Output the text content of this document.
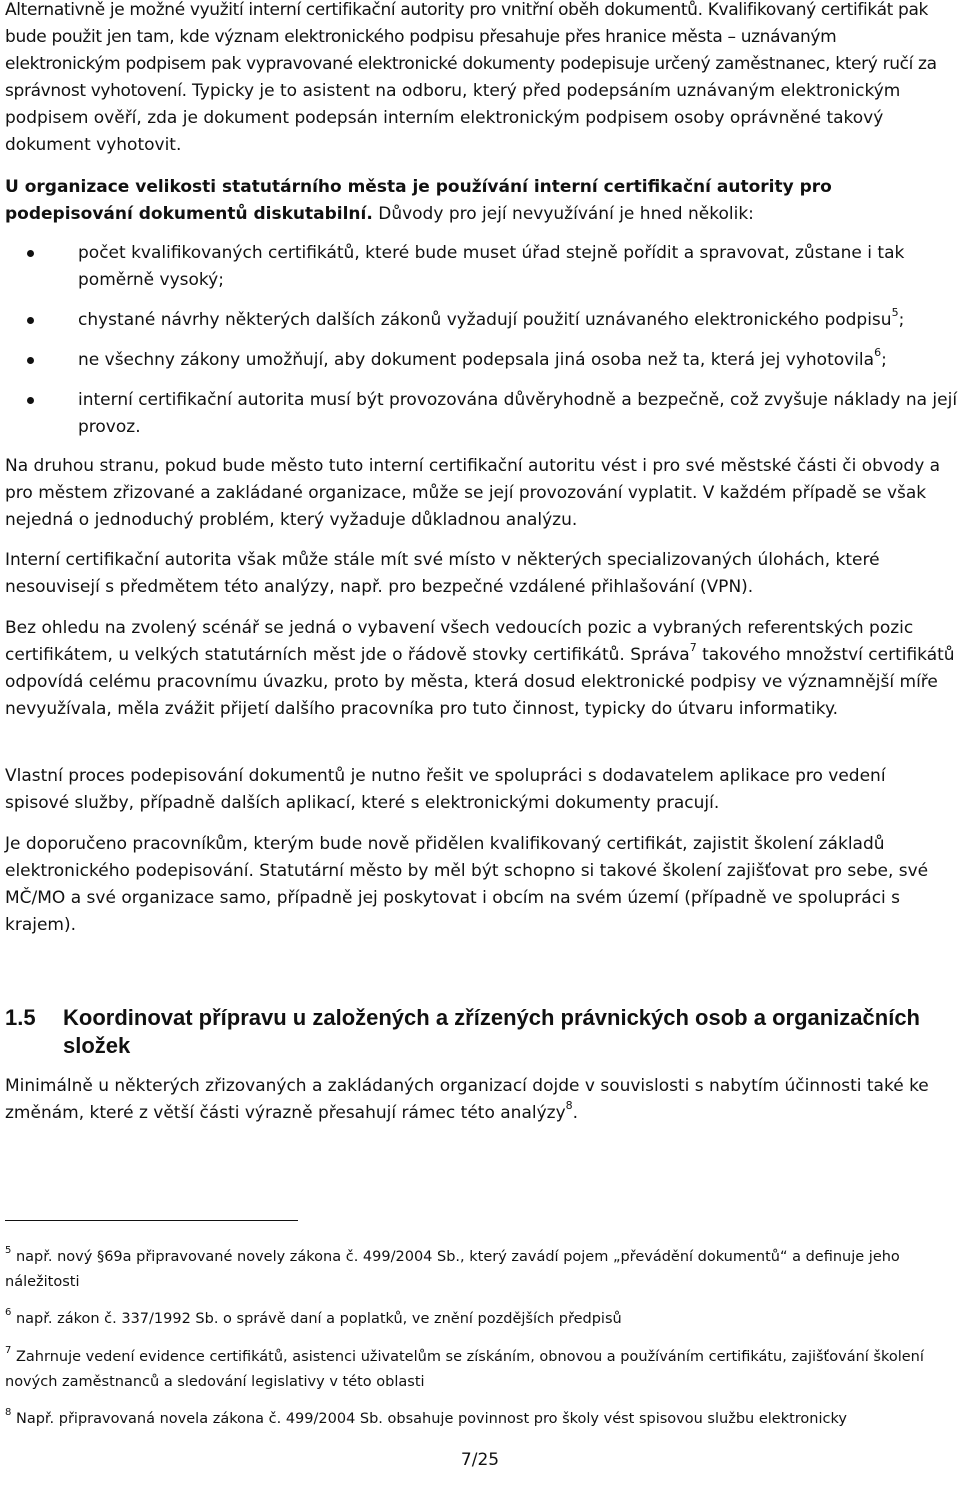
Alternativně je možné využití interní certifikační autority pro vnitřní oběh dokumentů. Kvalifikovaný certifikát pak bude použit jen tam, kde význam elektronického podpisu přesahuje přes hranice města – uznávaným elektronickým podpisem pak vypravované elektronické dokumenty podepisuje určený zaměstnanec, který ručí za správnost vyhotovení. Typicky je to asistent na odboru, který před podepsáním uznávaným elektronickým podpisem ověří, zda je dokument podepsán interním elektronickým podpisem osoby oprávněné takový dokument vyhotovit.

U organizace velikosti statutárního města je používání interní certifikační autority pro podepisování dokumentů diskutabilní. Důvody pro její nevyužívání je hned několik:

počet kvalifikovaných certifikátů, které bude muset úřad stejně pořídit a spravovat, zůstane i tak poměrně vysoký;
chystané návrhy některých dalších zákonů vyžadují použití uznávaného elektronického podpisu$^5$;
ne všechny zákony umožňují, aby dokument podepsala jiná osoba než ta, která jej vyhotovila$^6$;
interní certifikační autorita musí být provozována důvěryhodně a bezpečně, což zvyšuje náklady na její provoz.

Na druhou stranu, pokud bude město tuto interní certifikační autoritu vést i pro své městské části či obvody a pro městem zřizované a zakládané organizace, může se její provozování vyplatit. V každém případě se však nejedná o jednoduchý problém, který vyžaduje důkladnou analýzu.

Interní certifikační autorita však může stále mít své místo v některých specializovaných úlohách, které nesouvisejí s předmětem této analýzy, např. pro bezpečné vzdálené přihlašování (VPN).

Bez ohledu na zvolený scénář se jedná o vybavení všech vedoucích pozic a vybraných referentských pozic certifikátem, u velkých statutárních měst jde o řádově stovky certifikátů. Správa$^7$ takového množství certifikátů odpovídá celému pracovnímu úvazku, proto by města, která dosud elektronické podpisy ve významnější míře nevyužívala, měla zvážit přijetí dalšího pracovníka pro tuto činnost, typicky do útvaru informatiky.

Vlastní proces podepisování dokumentů je nutno řešit ve spolupráci s dodavatelem aplikace pro vedení spisové služby, případně dalších aplikací, které s elektronickými dokumenty pracují.

Je doporučeno pracovníkům, kterým bude nově přidělen kvalifikovaný certifikát, zajistit školení základů elektronického podepisování. Statutární město by měl být schopno si takové školení zajišťovat pro sebe, své MČ/MO a své organizace samo, případně jej poskytovat i obcím na svém území (případně ve spolupráci s krajem).

1.5 Koordinovat přípravu u založených a zřízených právnických osob a organizačních složek

Minimálně u některých zřizovaných a zakládaných organizací dojde v souvislosti s nabytím účinnosti také ke změnám, které z větší části výrazně přesahují rámec této analýzy$^8$.

$^5$ např. nový §69a připravované novely zákona č. 499/2004 Sb., který zavádí pojem „převádění dokumentů“ a definuje jeho náležitosti
$^6$ např. zákon č. 337/1992 Sb. o správě daní a poplatků, ve znění pozdějších předpisů
$^7$ Zahrnuje vedení evidence certifikátů, asistenci uživatelům se získáním, obnovou a používáním certifikátu, zajišťování školení nových zaměstnanců a sledování legislativy v této oblasti
$^8$ Např. připravovaná novela zákona č. 499/2004 Sb. obsahuje povinnost pro školy vést spisovou službu elektronicky
7/25
